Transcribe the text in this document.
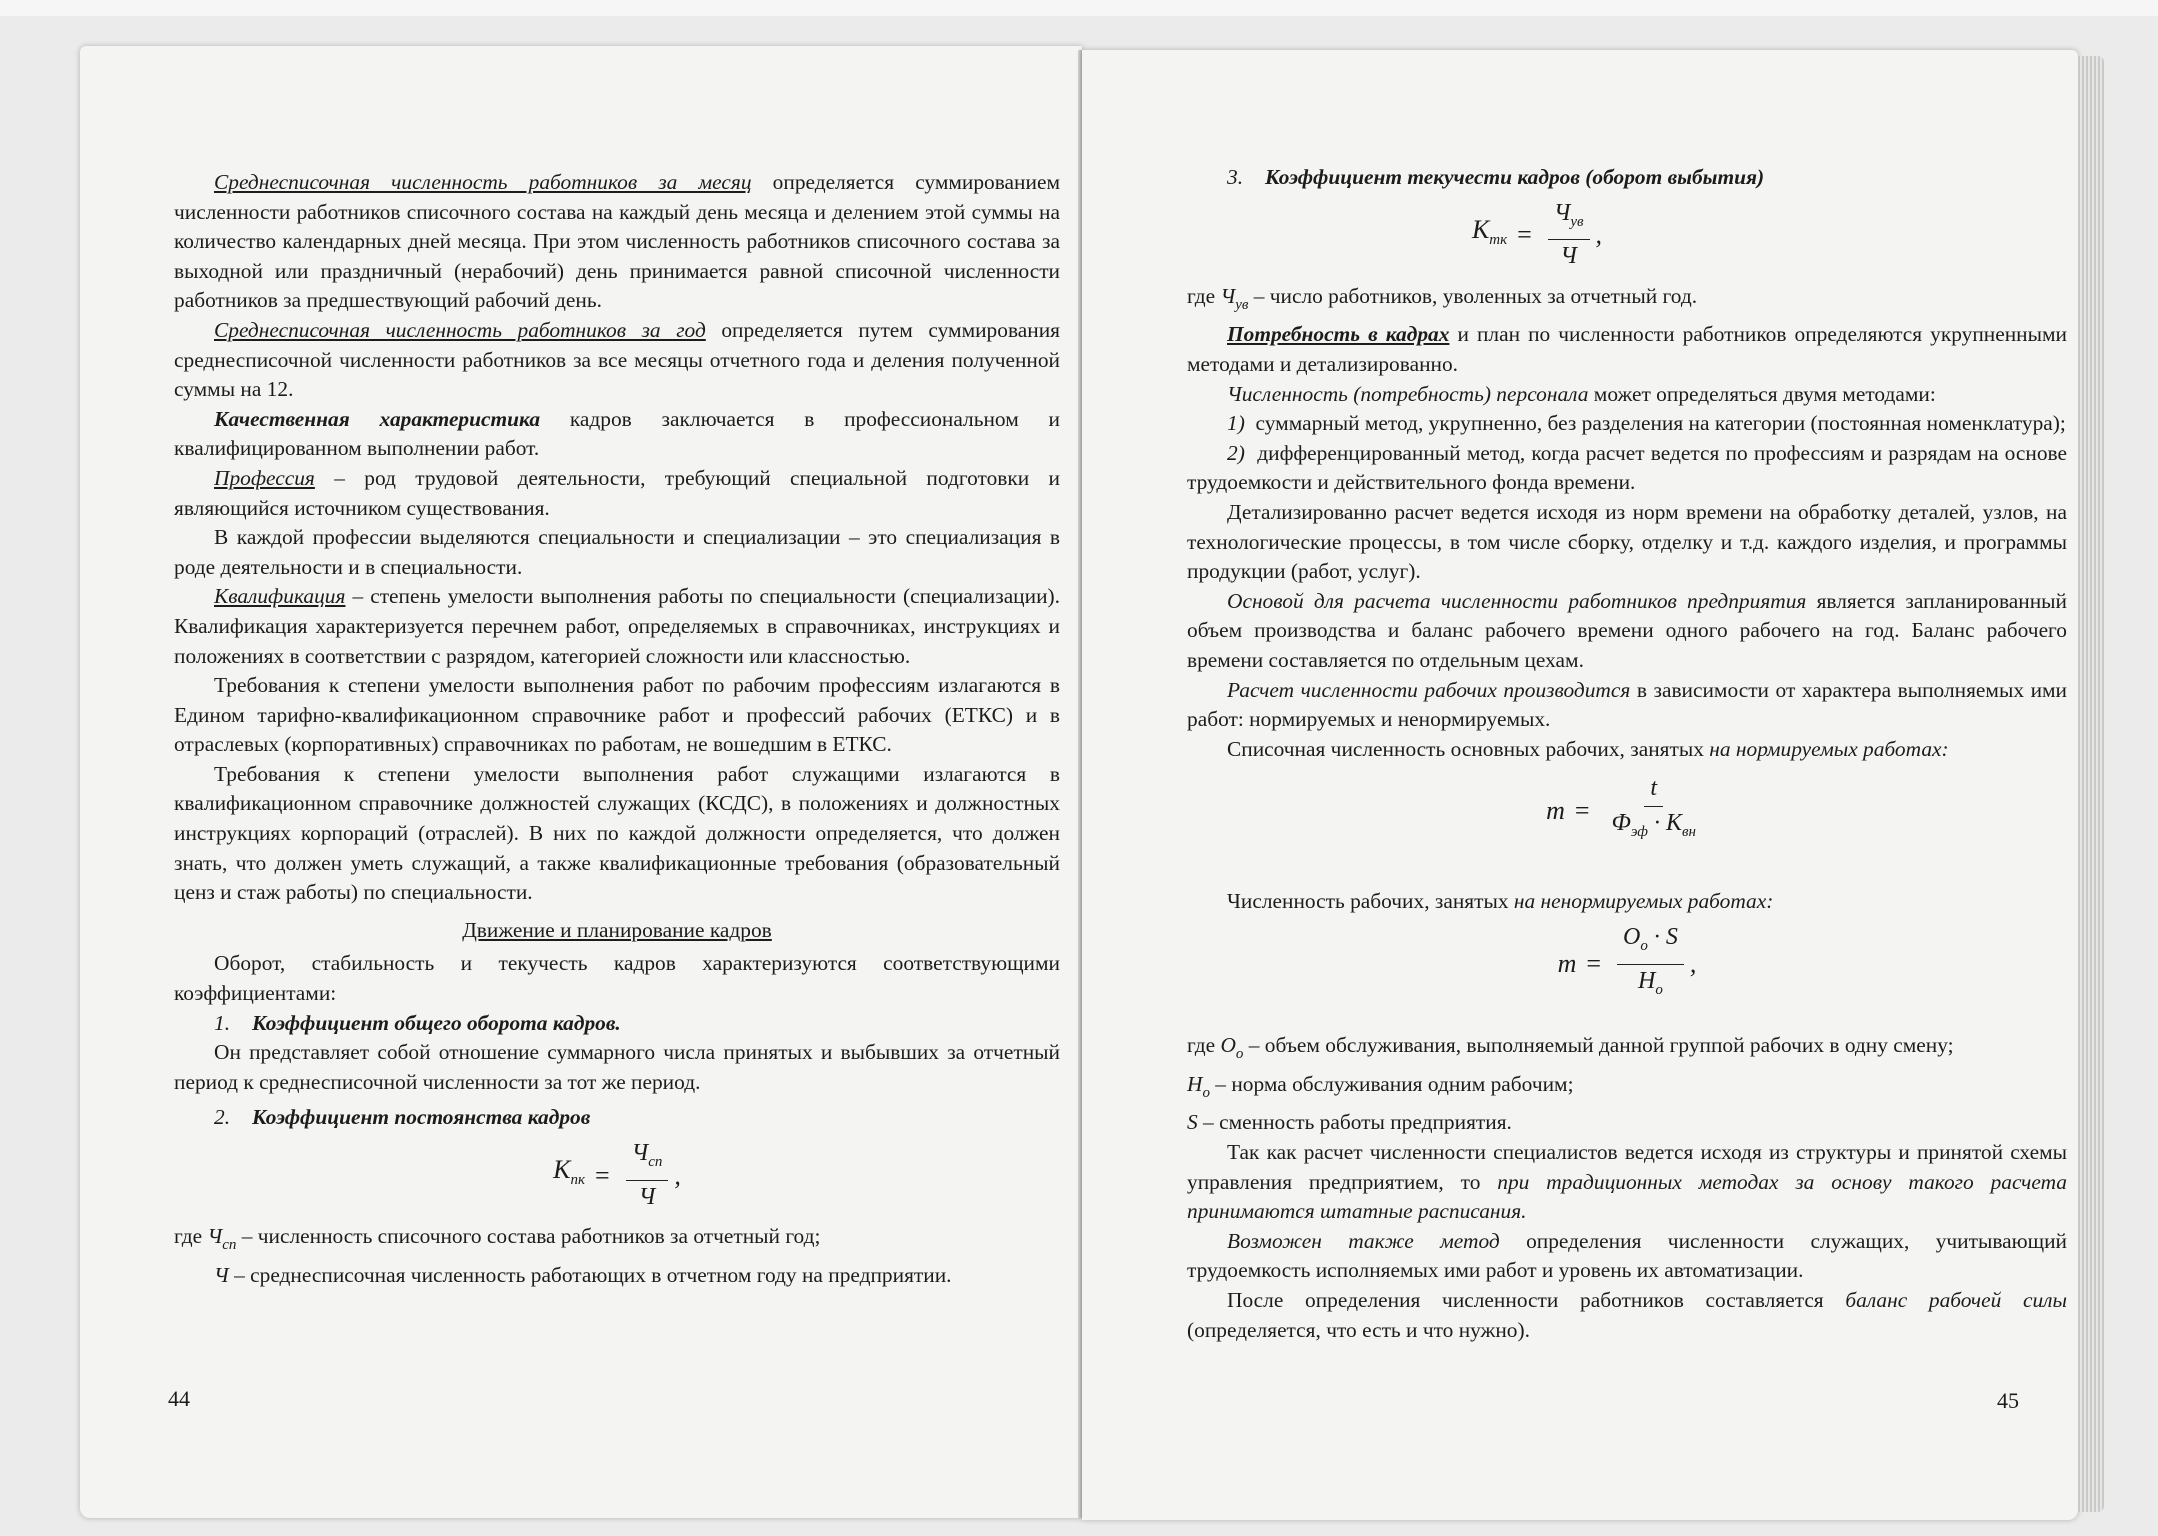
Среднесписочная численность работников за месяц определяется суммированием численности работников списочного состава на каждый день месяца и делением этой суммы на количество календарных дней месяца. При этом численность работников списочного состава за выходной или праздничный (нерабочий) день принимается равной списочной численности работников за предшествующий рабочий день.

Среднесписочная численность работников за год определяется путем суммирования среднесписочной численности работников за все месяцы отчетного года и деления полученной суммы на 12.

Качественная характеристика кадров заключается в профессиональном и квалифицированном выполнении работ.

Профессия – род трудовой деятельности, требующий специальной подготовки и являющийся источником существования.

В каждой профессии выделяются специальности и специализации – это специализация в роде деятельности и в специальности.

Квалификация – степень умелости выполнения работы по специальности (специализации). Квалификация характеризуется перечнем работ, определяемых в справочниках, инструкциях и положениях в соответствии с разрядом, категорией сложности или классностью.

Требования к степени умелости выполнения работ по рабочим профессиям излагаются в Едином тарифно-квалификационном справочнике работ и профессий рабочих (ЕТКС) и в отраслевых (корпоративных) справочниках по работам, не вошедшим в ЕТКС.

Требования к степени умелости выполнения работ служащими излагаются в квалификационном справочнике должностей служащих (КСДС), в положениях и должностных инструкциях корпораций (отраслей). В них по каждой должности определяется, что должен знать, что должен уметь служащий, а также квалификационные требования (образовательный ценз и стаж работы) по специальности.

Движение и планирование кадров

Оборот, стабильность и текучесть кадров характеризуются соответствующими коэффициентами:

1. Коэффициент общего оборота кадров.

Он представляет собой отношение суммарного числа принятых и выбывших за отчетный период к среднесписочной численности за тот же период.

2. Коэффициент постоянства кадров

$K_{пк} = \frac{Ч_{сп}}{Ч}$ ,

где $Ч_{сп}$ – численность списочного состава работников за отчетный год;

Ч – среднесписочная численность работающих в отчетном году на предприятии.

44

3. Коэффициент текучести кадров (оборот выбытия)

$K_{тк} = \frac{Ч_{ув}}{Ч}$ ,

где $Ч_{ув}$ – число работников, уволенных за отчетный год.

Потребность в кадрах и план по численности работников определяются укрупненными методами и детализированно.

Численность (потребность) персонала может определяться двумя методами:

1) суммарный метод, укрупненно, без разделения на категории (постоянная номенклатура);

2) дифференцированный метод, когда расчет ведется по профессиям и разрядам на основе трудоемкости и действительного фонда времени.

Детализированно расчет ведется исходя из норм времени на обработку деталей, узлов, на технологические процессы, в том числе сборку, отделку и т.д. каждого изделия, и программы продукции (работ, услуг).

Основой для расчета численности работников предприятия является запланированный объем производства и баланс рабочего времени одного рабочего на год. Баланс рабочего времени составляется по отдельным цехам.

Расчет численности рабочих производится в зависимости от характера выполняемых ими работ: нормируемых и ненормируемых.

Списочная численность основных рабочих, занятых на нормируемых работах:

$m = \frac{t}{Ф_{эф} \cdot K_{вн}}$

Численность рабочих, занятых на ненормируемых работах:

$m = \frac{O_о \cdot S}{H_о}$ ,

где $O_о$ – объем обслуживания, выполняемый данной группой рабочих в одну смену;

$H_о$ – норма обслуживания одним рабочим;

S – сменность работы предприятия.

Так как расчет численности специалистов ведется исходя из структуры и принятой схемы управления предприятием, то при традиционных методах за основу такого расчета принимаются штатные расписания.

Возможен также метод определения численности служащих, учитывающий трудоемкость исполняемых ими работ и уровень их автоматизации.

После определения численности работников составляется баланс рабочей силы (определяется, что есть и что нужно).

45
